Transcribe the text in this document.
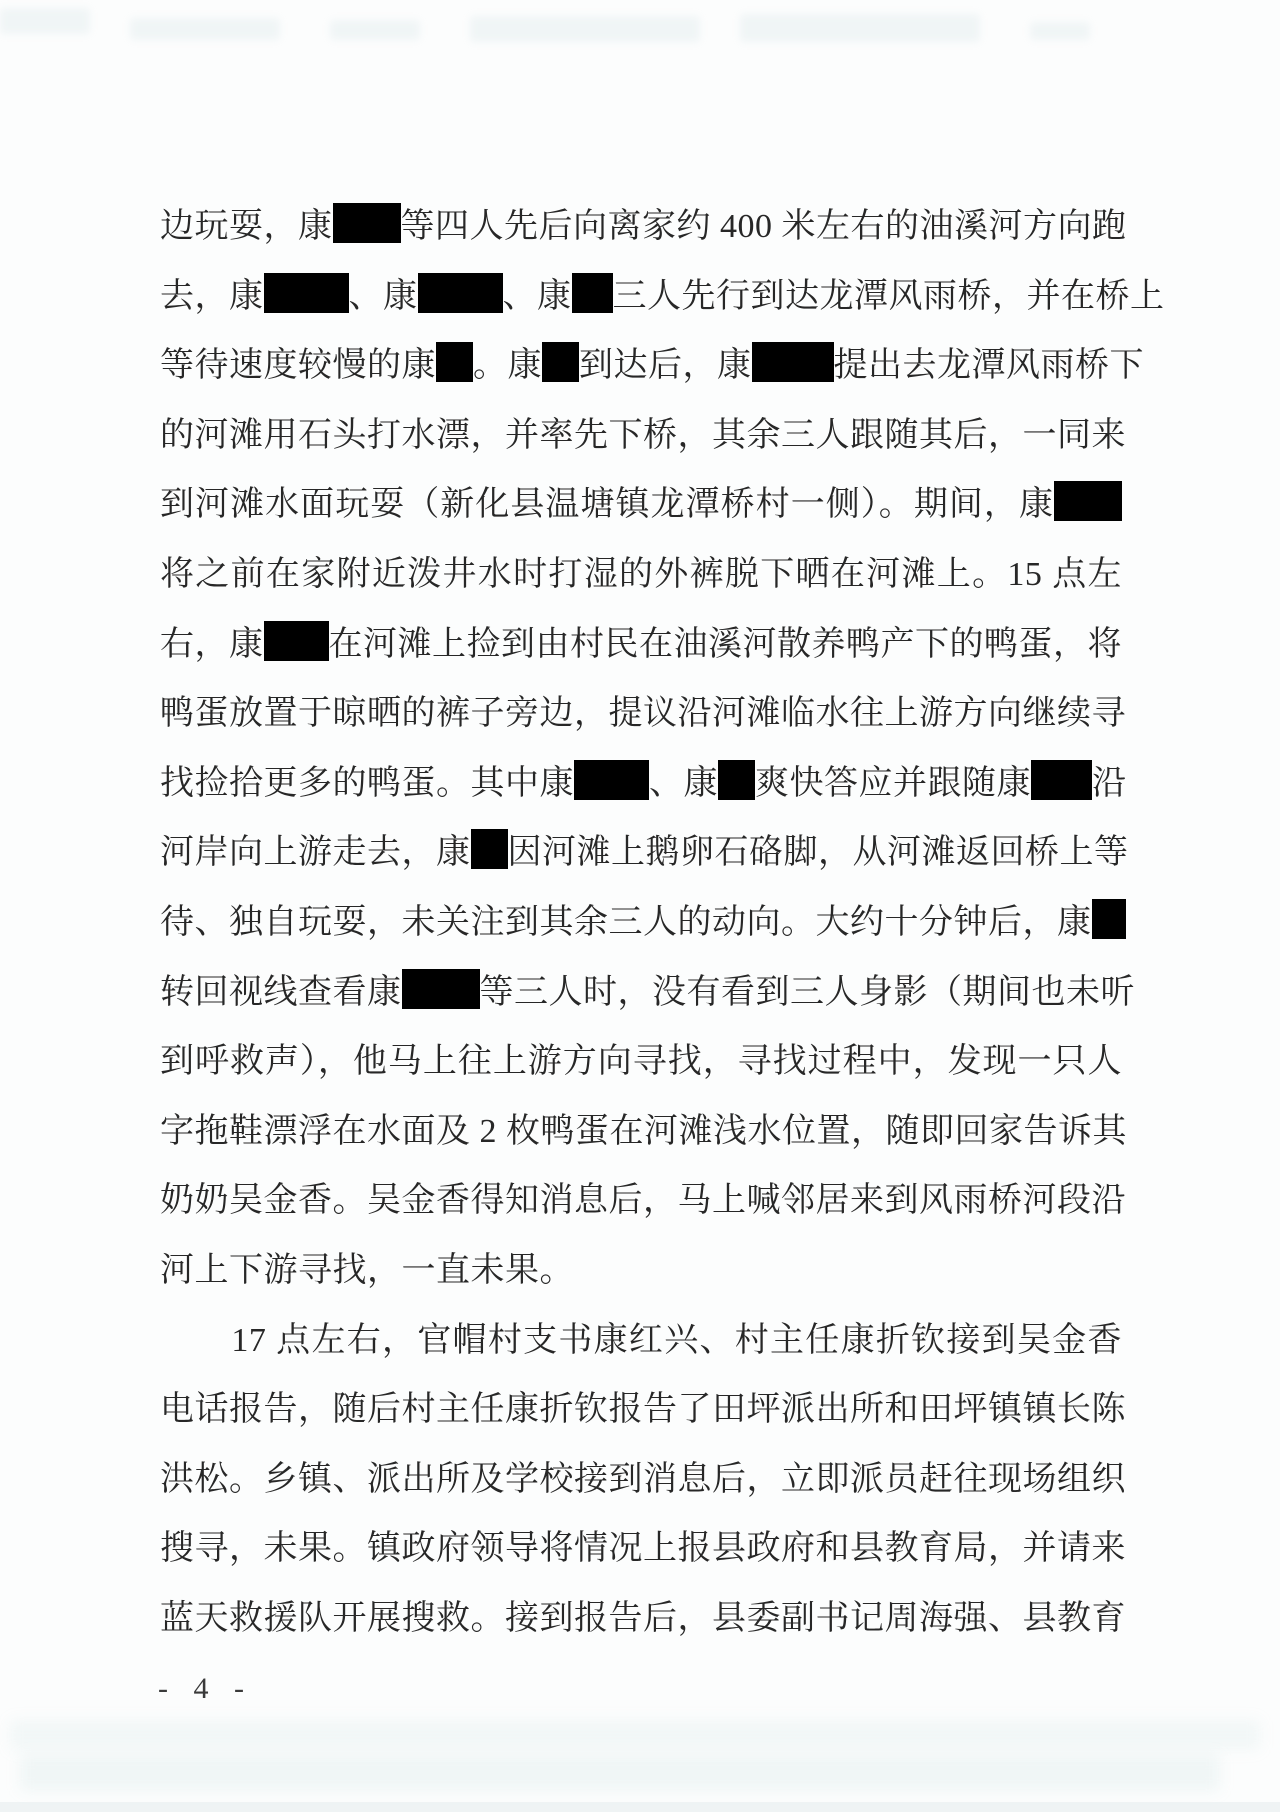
边玩耍，康 等四人先后向离家约 400 米左右的油溪河方向跑
去，康	、康	、康 三人先行到达龙潭风雨桥，并在桥上
等待速度较慢的康 。康 到达后，康 提出去龙潭风雨桥下
的河滩用石头打水漂，并率先下桥，其余三人跟随其后，一同来
到河滩水面玩耍（新化县温塘镇龙潭桥村一侧）。期间，康
将之前在家附近泼井水时打湿的外裤脱下晒在河滩上。15 点左
右，康 在河滩上捡到由村民在油溪河散养鸭产下的鸭蛋，将
鸭蛋放置于晾晒的裤子旁边，提议沿河滩临水往上游方向继续寻
找捡拾更多的鸭蛋。其中康 、康 爽快答应并跟随康 沿
河岸向上游走去，康 因河滩上鹅卵石硌脚，从河滩返回桥上等
待、独自玩耍，未关注到其余三人的动向。大约十分钟后，康
转回视线查看康 等三人时，没有看到三人身影（期间也未听
到呼救声），他马上往上游方向寻找，寻找过程中，发现一只人
字拖鞋漂浮在水面及 2 枚鸭蛋在河滩浅水位置，随即回家告诉其
奶奶吴金香。吴金香得知消息后，马上喊邻居来到风雨桥河段沿
河上下游寻找，一直未果。
17 点左右，官帽村支书康红兴、村主任康折钦接到吴金香
电话报告，随后村主任康折钦报告了田坪派出所和田坪镇镇长陈
洪松。乡镇、派出所及学校接到消息后，立即派员赶往现场组织
搜寻，未果。镇政府领导将情况上报县政府和县教育局，并请来
蓝天救援队开展搜救。接到报告后，县委副书记周海强、县教育
- 4 -
